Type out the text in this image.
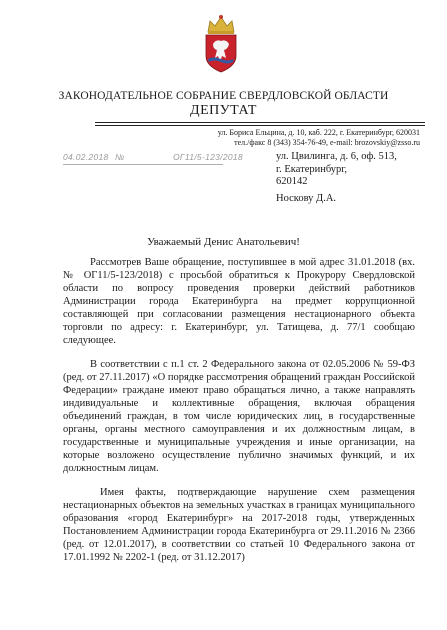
ЗАКОНОДАТЕЛЬНОЕ СОБРАНИЕ СВЕРДЛОВСКОЙ ОБЛАСТИ
ДЕПУТАТ
ул. Бориса Ельцина, д. 10, каб. 222, г. Екатеринбург, 620031
тел./факс 8 (343) 354-76-49, e-mail: brozovskiy@zsso.ru
04.02.2018 №	ОГ11/5-123/2018	ул. Цвилинга, д. 6, оф. 513,
г. Екатеринбург,
620142
Носкову Д.А.
Уважаемый Денис Анатольевич!

Рассмотрев Ваше обращение, поступившее в мой адрес 31.01.2018 (вх. № ОГ11/5-123/2018) с просьбой обратиться к Прокурору Свердловской области по вопросу проведения проверки действий работников Администрации города Екатеринбурга на предмет коррупционной составляющей при согласовании размещения нестационарного объекта торговли по адресу: г. Екатеринбург, ул. Татищева, д. 77/1 сообщаю следующее.

В соответствии с п.1 ст. 2 Федерального закона от 02.05.2006 № 59-ФЗ (ред. от 27.11.2017) «О порядке рассмотрения обращений граждан Российской Федерации» граждане имеют право обращаться лично, а также направлять индивидуальные и коллективные обращения, включая обращения объединений граждан, в том числе юридических лиц, в государственные органы, органы местного самоуправления и их должностным лицам, в государственные и муниципальные учреждения и иные организации, на которые возложено осуществление публично значимых функций, и их должностным лицам.

Имея факты, подтверждающие нарушение схем размещения нестационарных объектов на земельных участках в границах муниципального образования «город Екатеринбург» на 2017-2018 годы, утвержденных Постановлением Администрации города Екатеринбурга от 29.11.2016 № 2366 (ред. от 12.01.2017), в соответствии со статьей 10 Федерального закона от 17.01.1992 № 2202-1 (ред. от 31.12.2017)
